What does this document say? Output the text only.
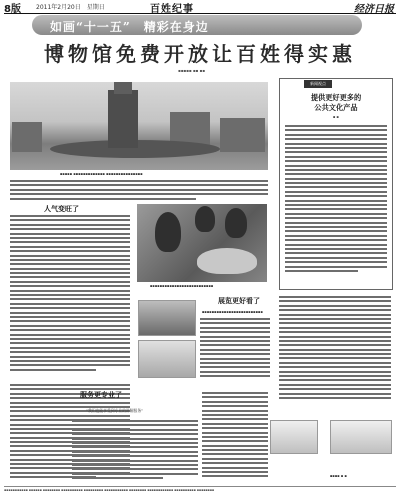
8版	2011年2月20日　星期日	百姓纪事	经济日报
如画“十一五”　精彩在身边
博物馆免费开放让百姓得实惠
▪▪▪▪▪ ▪▪ ▪▪
▪▪▪▪▪ ▪▪▪▪▪▪▪▪▪▪▪▪▪ ▪▪▪▪▪▪▪▪▪▪▪▪▪▪▪
人气变旺了
▪▪▪▪▪▪▪▪▪▪▪▪▪▪▪▪▪▪▪▪▪▪▪▪▪▪
新闻视点
提供更好更多的
公共文化产品
▪ ▪
展览更好看了
▪▪▪▪▪▪▪▪▪▪▪▪▪▪▪▪▪▪▪▪▪▪▪▪▪
服务更专业了
“我们也能享受到专业的讲解服务”
▪▪▪▪ ▪ ▪
▪▪▪▪▪▪▪▪▪▪▪ ▪▪▪▪▪▪ ▪▪▪▪▪▪▪▪ ▪▪▪▪▪▪▪▪▪▪ ▪▪▪▪▪▪▪▪▪ ▪▪▪▪▪▪▪▪▪▪▪ ▪▪▪▪▪▪▪▪ ▪▪▪▪▪▪▪▪▪▪▪▪ ▪▪▪▪▪▪▪▪▪▪ ▪▪▪▪▪▪▪▪
